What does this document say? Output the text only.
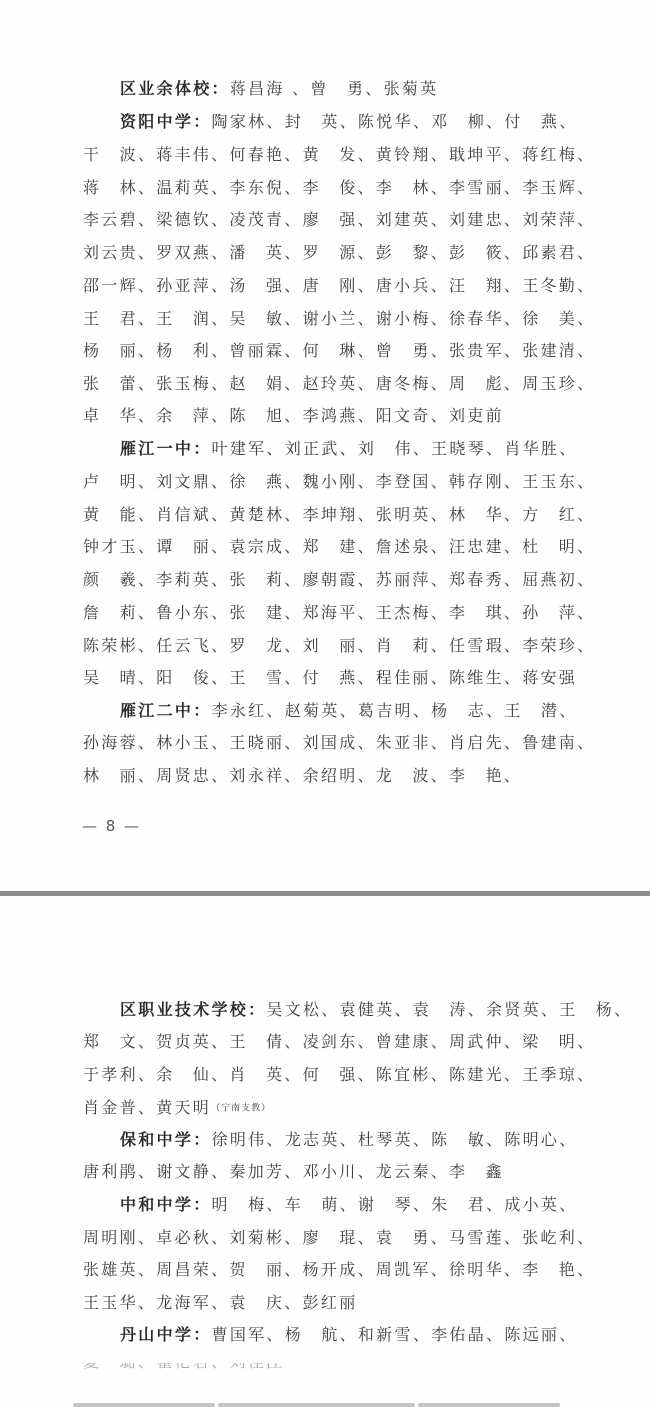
区业余体校：蒋昌海 、曾　勇、张菊英
资阳中学：陶家林、封　英、陈悦华、邓　柳、付　燕、
干　波、蒋丰伟、何春艳、黄　发、黄铃翔、戢坤平、蒋红梅、
蒋　林、温莉英、李东倪、李　俊、李　林、李雪丽、李玉辉、
李云碧、梁德钦、凌茂青、廖　强、刘建英、刘建忠、刘荣萍、
刘云贵、罗双燕、潘　英、罗　源、彭　黎、彭　筱、邱素君、
邵一辉、孙亚萍、汤　强、唐　刚、唐小兵、汪　翔、王冬勤、
王　君、王　润、吴　敏、谢小兰、谢小梅、徐春华、徐　美、
杨　丽、杨　利、曾丽霖、何　琳、曾　勇、张贵军、张建清、
张　蕾、张玉梅、赵　娟、赵玲英、唐冬梅、周　彪、周玉珍、
卓　华、余　萍、陈　旭、李鸿燕、阳文奇、刘吏前
雁江一中：叶建军、刘正武、刘　伟、王晓琴、肖华胜、
卢　明、刘文鼎、徐　燕、魏小刚、李登国、韩存刚、王玉东、
黄　能、肖信斌、黄楚林、李坤翔、张明英、林　华、方　红、
钟才玉、谭　丽、袁宗成、郑　建、詹述泉、汪忠建、杜　明、
颜　羲、李莉英、张　莉、廖朝霞、苏丽萍、郑春秀、屈燕初、
詹　莉、鲁小东、张　建、郑海平、王杰梅、李　琪、孙　萍、
陈荣彬、任云飞、罗　龙、刘　丽、肖　莉、任雪瑕、李荣珍、
吴　晴、阳　俊、王　雪、付　燕、程佳丽、陈维生、蒋安强
雁江二中：李永红、赵菊英、葛吉明、杨　志、王　潜、
孙海蓉、林小玉、王晓丽、刘国成、朱亚非、肖启先、鲁建南、
林　丽、周贤忠、刘永祥、余绍明、龙　波、李　艳、
— 8 —
区职业技术学校：吴文松、袁健英、袁　涛、余贤英、王　杨、
郑　文、贺贞英、王　倩、凌剑东、曾建康、周武仲、梁　明、
于孝利、余　仙、肖　英、何　强、陈宜彬、陈建光、王季琼、
肖金普、黄天明（宁南支教）
保和中学：徐明伟、龙志英、杜琴英、陈　敏、陈明心、
唐利鹃、谢文静、秦加芳、邓小川、龙云秦、李　鑫
中和中学：明　梅、车　萌、谢　琴、朱　君、成小英、
周明刚、卓必秋、刘菊彬、廖　琨、袁　勇、马雪莲、张屹利、
张雄英、周昌荣、贺　丽、杨开成、周凯军、徐明华、李　艳、
王玉华、龙海军、袁　庆、彭红丽
丹山中学：曹国军、杨　航、和新雪、李佑晶、陈远丽、
